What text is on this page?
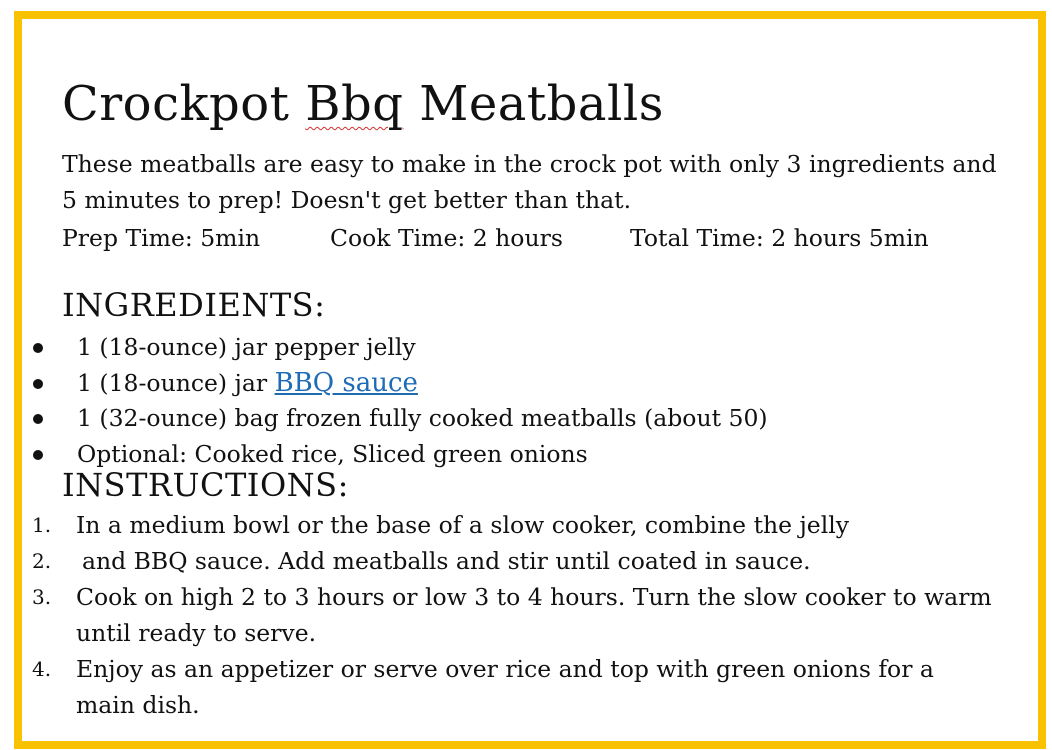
Crockpot Bbq Meatballs

These meatballs are easy to make in the crock pot with only 3 ingredients and 5 minutes to prep! Doesn't get better than that.

Prep Time: 5min	Cook Time: 2 hours	Total Time: 2 hours 5min
INGREDIENTS:
1 (18-ounce) jar pepper jelly
1 (18-ounce) jar BBQ sauce
1 (32-ounce) bag frozen fully cooked meatballs (about 50)
Optional: Cooked rice, Sliced green onions
INSTRUCTIONS:
1. In a medium bowl or the base of a slow cooker, combine the jelly
2. and BBQ sauce. Add meatballs and stir until coated in sauce.
3. Cook on high 2 to 3 hours or low 3 to 4 hours. Turn the slow cooker to warm until ready to serve.
4. Enjoy as an appetizer or serve over rice and top with green onions for a main dish.
